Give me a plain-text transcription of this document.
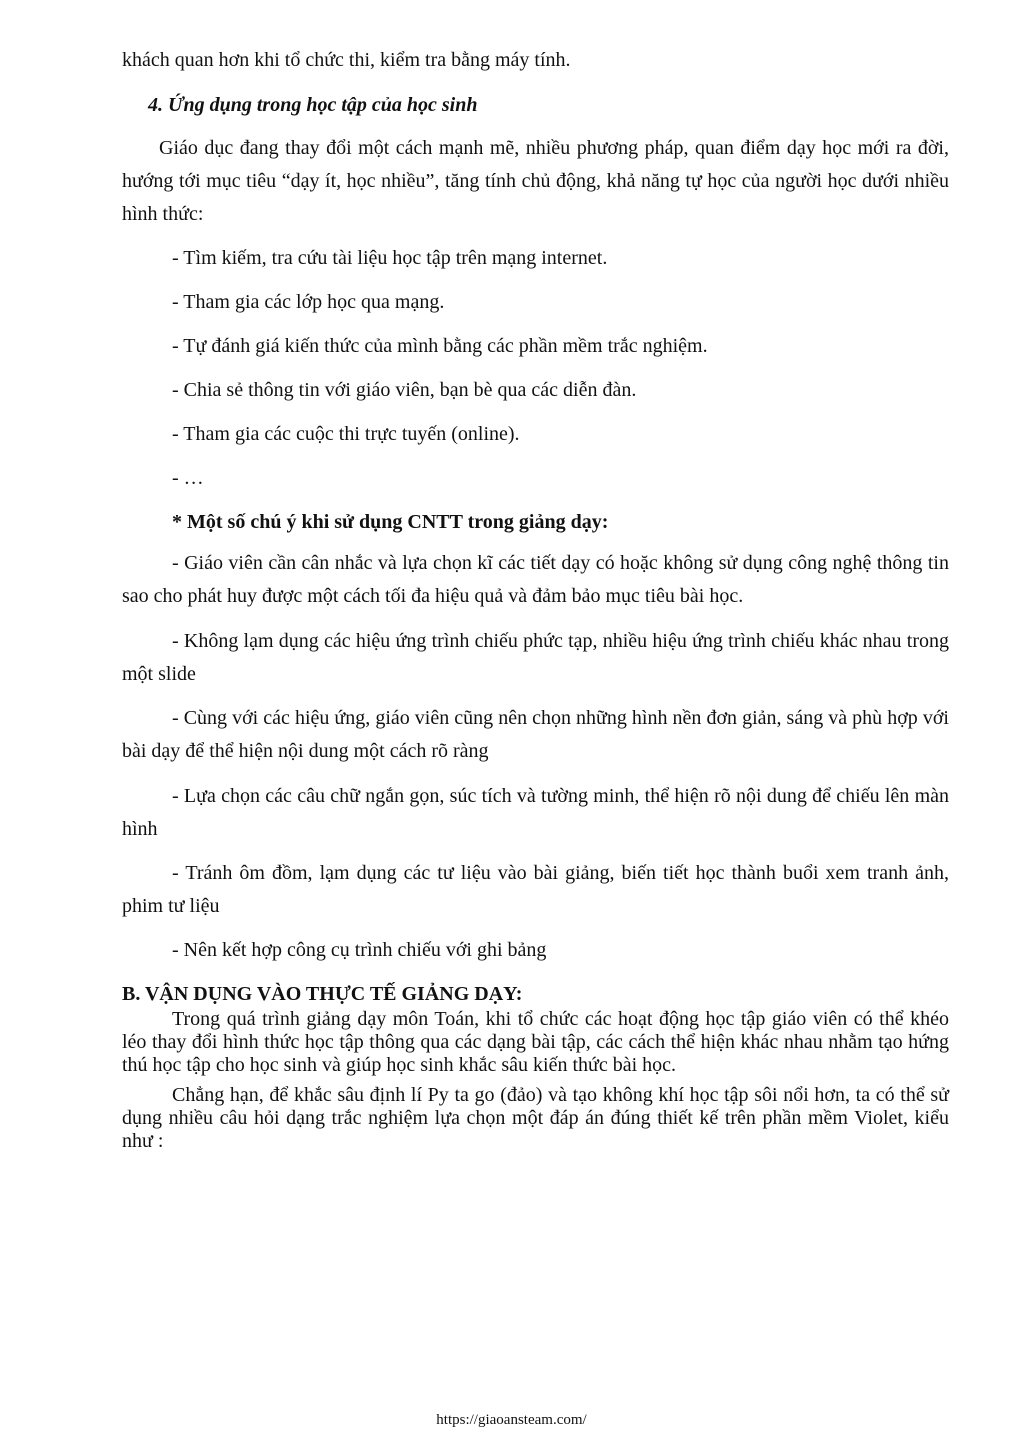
khách quan hơn khi tổ chức thi, kiểm tra bằng máy tính.

4. Ứng dụng trong học tập của học sinh

Giáo dục đang thay đổi một cách mạnh mẽ, nhiều phương pháp, quan điểm dạy học mới ra đời, hướng tới mục tiêu “dạy ít, học nhiều”, tăng tính chủ động, khả năng tự học của người học dưới nhiều hình thức:

- Tìm kiếm, tra cứu tài liệu học tập trên mạng internet.

- Tham gia các lớp học qua mạng.

- Tự đánh giá kiến thức của mình bằng các phần mềm trắc nghiệm.

- Chia sẻ thông tin với giáo viên, bạn bè qua các diễn đàn.

- Tham gia các cuộc thi trực tuyến (online).

- …

* Một số chú ý khi sử dụng CNTT trong giảng dạy:

- Giáo viên cần cân nhắc và lựa chọn kĩ các tiết dạy có hoặc không sử dụng công nghệ thông tin sao cho phát huy được một cách tối đa hiệu quả và đảm bảo mục tiêu bài học.

- Không lạm dụng các hiệu ứng trình chiếu phức tạp, nhiều hiệu ứng trình chiếu khác nhau trong một slide

- Cùng với các hiệu ứng, giáo viên cũng nên chọn những hình nền đơn giản, sáng và phù hợp với bài dạy để thể hiện nội dung một cách rõ ràng

- Lựa chọn các câu chữ ngắn gọn, súc tích và tường minh, thể hiện rõ nội dung để chiếu lên màn hình

- Tránh ôm đồm, lạm dụng các tư liệu vào bài giảng, biến tiết học thành buổi xem tranh ảnh, phim tư liệu

- Nên kết hợp công cụ trình chiếu với ghi bảng

B. VẬN DỤNG VÀO THỰC TẾ GIẢNG DẠY:

Trong quá trình giảng dạy môn Toán, khi tổ chức các hoạt động học tập giáo viên có thể khéo léo thay đổi hình thức học tập thông qua các dạng bài tập, các cách thể hiện khác nhau nhằm tạo hứng thú học tập cho học sinh và giúp học sinh khắc sâu kiến thức bài học.

Chẳng hạn, để khắc sâu định lí Py ta go (đảo) và tạo không khí học tập sôi nổi hơn, ta có thể sử dụng nhiều câu hỏi dạng trắc nghiệm lựa chọn một đáp án đúng thiết kế trên phần mềm Violet, kiểu như :

https://giaoansteam.com/
